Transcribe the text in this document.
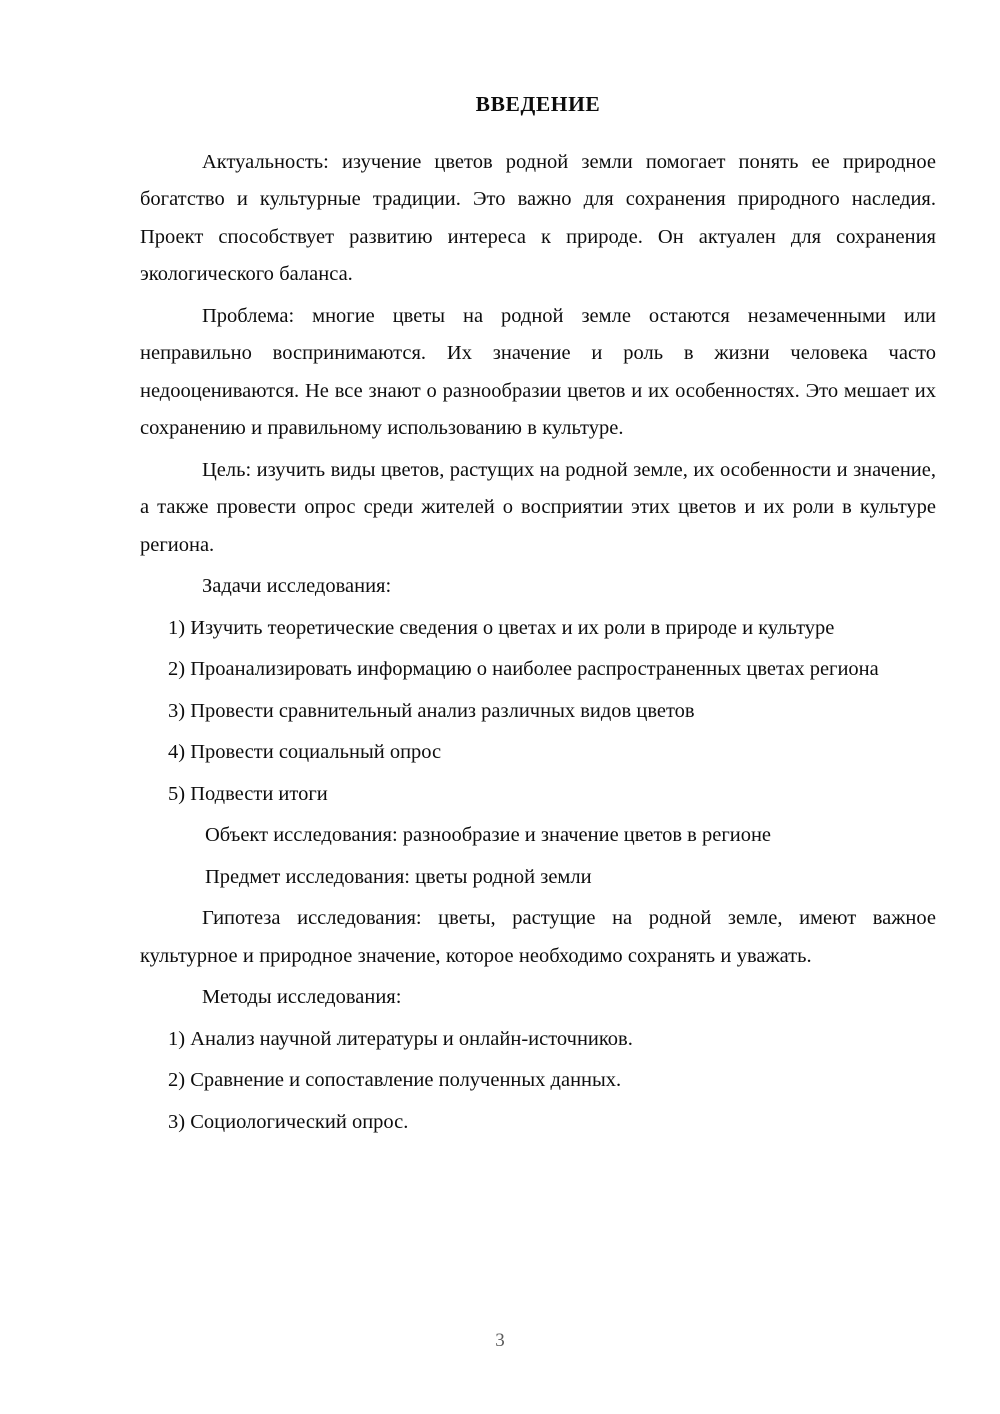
ВВЕДЕНИЕ

Актуальность: изучение цветов родной земли помогает понять ее природное богатство и культурные традиции. Это важно для сохранения природного наследия. Проект способствует развитию интереса к природе. Он актуален для сохранения экологического баланса.

Проблема: многие цветы на родной земле остаются незамеченными или неправильно воспринимаются. Их значение и роль в жизни человека часто недооцениваются. Не все знают о разнообразии цветов и их особенностях. Это мешает их сохранению и правильному использованию в культуре.

Цель: изучить виды цветов, растущих на родной земле, их особенности и значение, а также провести опрос среди жителей о восприятии этих цветов и их роли в культуре региона.

Задачи исследования:

1) Изучить теоретические сведения о цветах и их роли в природе и культуре

2) Проанализировать информацию о наиболее распространенных цветах региона

3) Провести сравнительный анализ различных видов цветов

4) Провести социальный опрос

5) Подвести итоги

Объект исследования: разнообразие и значение цветов в регионе

Предмет исследования: цветы родной земли

Гипотеза исследования: цветы, растущие на родной земле, имеют важное культурное и природное значение, которое необходимо сохранять и уважать.

Методы исследования:

1) Анализ научной литературы и онлайн-источников.

2) Сравнение и сопоставление полученных данных.

3) Социологический опрос.

3
